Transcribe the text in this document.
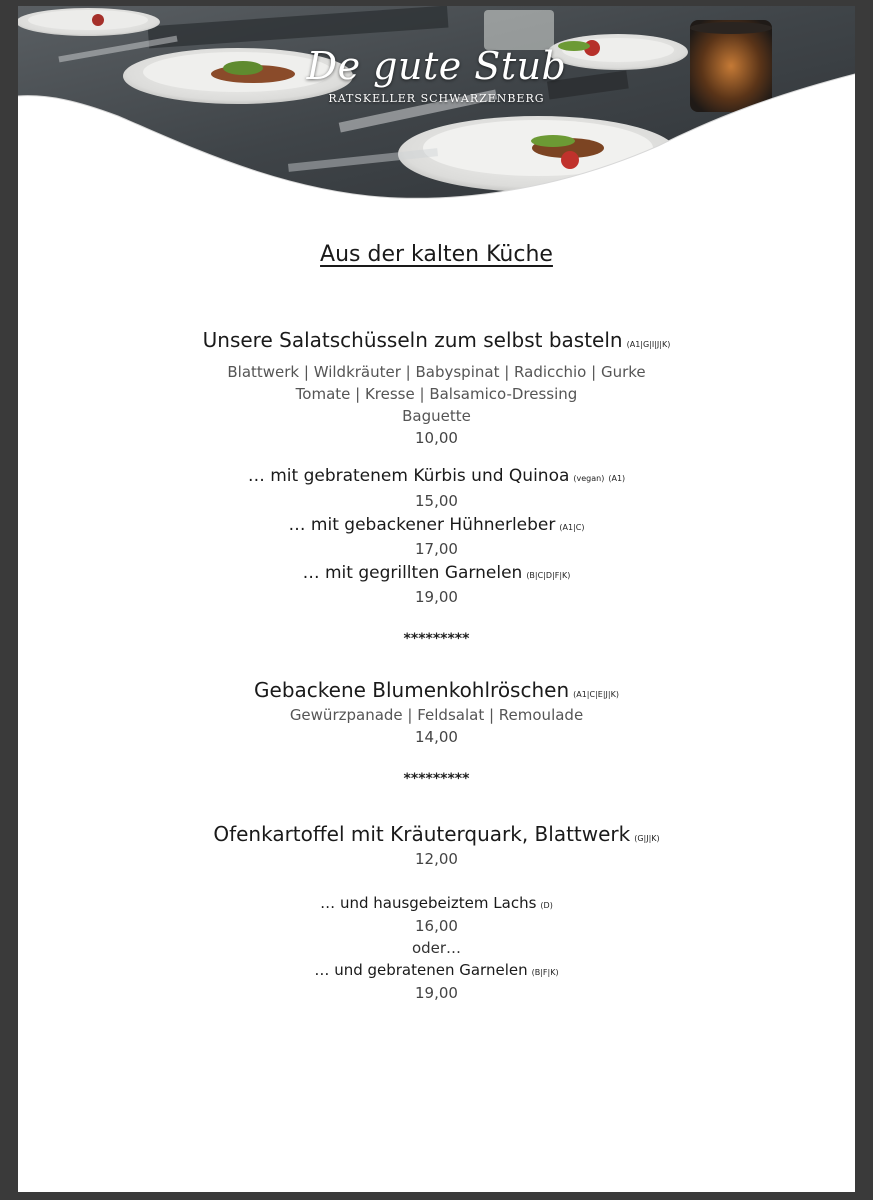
De gute Stub
RATSKELLER SCHWARZENBERG
Aus der kalten Küche
Unsere Salatschüsseln zum selbst basteln (A1|G|I|J|K)
Blattwerk | Wildkräuter | Babyspinat | Radicchio | Gurke
Tomate | Kresse | Balsamico-Dressing
Baguette
10,00
… mit gebratenem Kürbis und Quinoa (vegan) (A1)
15,00
… mit gebackener Hühnerleber (A1|C)
17,00
… mit gegrillten Garnelen (B|C|D|F|K)
19,00
*********
Gebackene Blumenkohlröschen (A1|C|E|J|K)
Gewürzpanade | Feldsalat | Remoulade
14,00
*********
Ofenkartoffel mit Kräuterquark, Blattwerk (G|J|K)
12,00
… und hausgebeiztem Lachs (D)
16,00
oder…
… und gebratenen Garnelen (B|F|K)
19,00
